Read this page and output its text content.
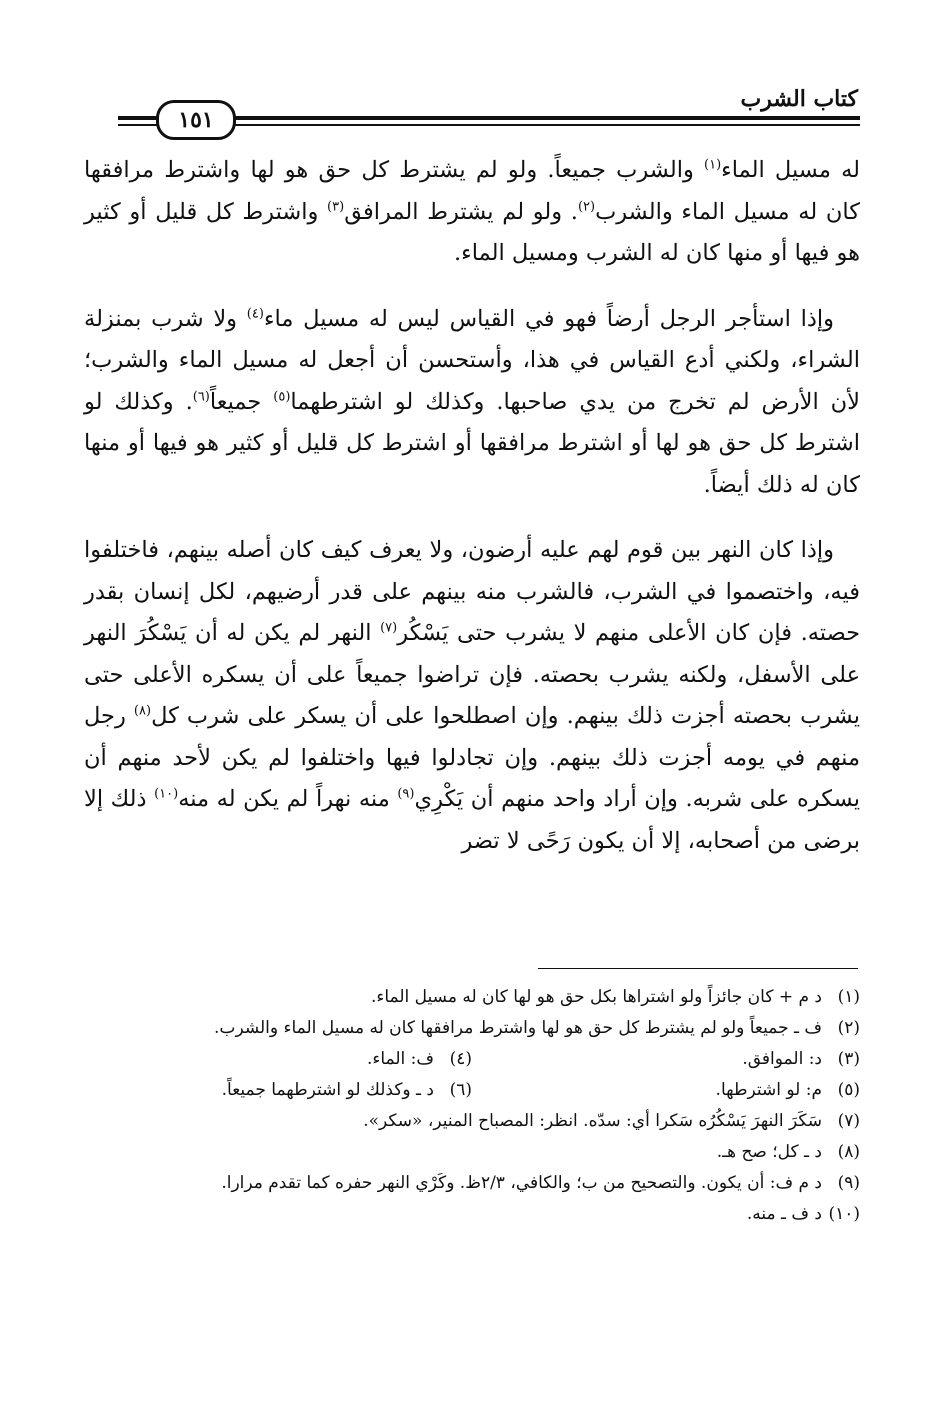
كتاب الشرب
١٥١

له مسيل الماء$^{(١)}$ والشرب جميعاً. ولو لم يشترط كل حق هو لها واشترط مرافقها كان له مسيل الماء والشرب$^{(٢)}$. ولو لم يشترط المرافق$^{(٣)}$ واشترط كل قليل أو كثير هو فيها أو منها كان له الشرب ومسيل الماء.

وإذا استأجر الرجل أرضاً فهو في القياس ليس له مسيل ماء$^{(٤)}$ ولا شرب بمنزلة الشراء، ولكني أدع القياس في هذا، وأستحسن أن أجعل له مسيل الماء والشرب؛ لأن الأرض لم تخرج من يدي صاحبها. وكذلك لو اشترطهما$^{(٥)}$ جميعاً$^{(٦)}$. وكذلك لو اشترط كل حق هو لها أو اشترط مرافقها أو اشترط كل قليل أو كثير هو فيها أو منها كان له ذلك أيضاً.

وإذا كان النهر بين قوم لهم عليه أرضون، ولا يعرف كيف كان أصله بينهم، فاختلفوا فيه، واختصموا في الشرب، فالشرب منه بينهم على قدر أرضيهم، لكل إنسان بقدر حصته. فإن كان الأعلى منهم لا يشرب حتى يَسْكُر$^{(٧)}$ النهر لم يكن له أن يَسْكُرَ النهر على الأسفل، ولكنه يشرب بحصته. فإن تراضوا جميعاً على أن يسكره الأعلى حتى يشرب بحصته أجزت ذلك بينهم. وإن اصطلحوا على أن يسكر على شرب كل$^{(٨)}$ رجل منهم في يومه أجزت ذلك بينهم. وإن تجادلوا فيها واختلفوا لم يكن لأحد منهم أن يسكره على شربه. وإن أراد واحد منهم أن يَكْرِي$^{(٩)}$ منه نهراً لم يكن له منه$^{(١٠)}$ ذلك إلا برضى من أصحابه، إلا أن يكون رَحًى لا تضر

(١)
د م + كان جائزاً ولو اشتراها بكل حق هو لها كان له مسيل الماء.
(٢)
ف ـ جميعاً ولو لم يشترط كل حق هو لها واشترط مرافقها كان له مسيل الماء والشرب.
(٣)
د: الموافق.
(٤)
ف: الماء.
(٥)
م: لو اشترطها.
(٦)
د ـ وكذلك لو اشترطهما جميعاً.
(٧)
سَكَرَ النهرَ يَسْكُرُه سَكرا أي: سدّه. انظر: المصباح المنير، «سكر».
(٨)
د ـ كل؛ صح هـ.
(٩)
د م ف: أن يكون. والتصحيح من ب؛ والكافي، ٢/٣ظ. وكَرْي النهر حفره كما تقدم مرارا.
(١٠)
د ف ـ منه.
